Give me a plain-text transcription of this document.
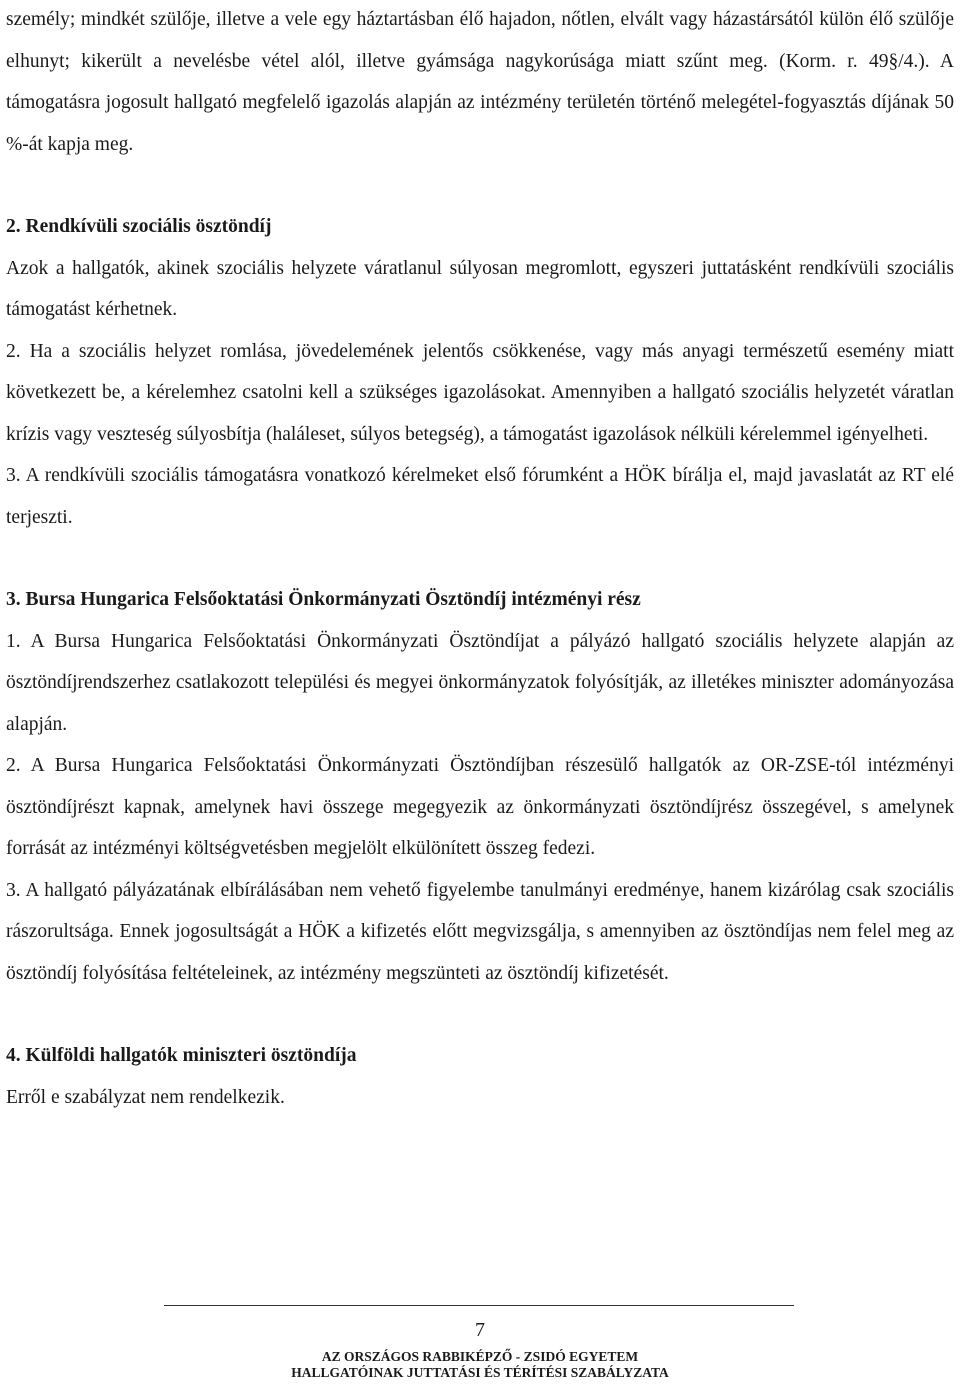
személy; mindkét szülője, illetve a vele egy háztartásban élő hajadon, nőtlen, elvált vagy házastársától külön élő szülője elhunyt; kikerült a nevelésbe vétel alól, illetve gyámsága nagykorúsága miatt szűnt meg. (Korm. r. 49§/4.). A támogatásra jogosult hallgató megfelelő igazolás alapján az intézmény területén történő melegétel-fogyasztás díjának 50 %-át kapja meg.

2. Rendkívüli szociális ösztöndíj

Azok a hallgatók, akinek szociális helyzete váratlanul súlyosan megromlott, egyszeri juttatásként rendkívüli szociális támogatást kérhetnek.

2. Ha a szociális helyzet romlása, jövedelemének jelentős csökkenése, vagy más anyagi természetű esemény miatt következett be, a kérelemhez csatolni kell a szükséges igazolásokat. Amennyiben a hallgató szociális helyzetét váratlan krízis vagy veszteség súlyosbítja (haláleset, súlyos betegség), a támogatást igazolások nélküli kérelemmel igényelheti.

3. A rendkívüli szociális támogatásra vonatkozó kérelmeket első fórumként a HÖK bírálja el, majd javaslatát az RT elé terjeszti.

3. Bursa Hungarica Felsőoktatási Önkormányzati Ösztöndíj intézményi rész

1. A Bursa Hungarica Felsőoktatási Önkormányzati Ösztöndíjat a pályázó hallgató szociális helyzete alapján az ösztöndíjrendszerhez csatlakozott települési és megyei önkormányzatok folyósítják, az illetékes miniszter adományozása alapján.

2. A Bursa Hungarica Felsőoktatási Önkormányzati Ösztöndíjban részesülő hallgatók az OR-ZSE-tól intézményi ösztöndíjrészt kapnak, amelynek havi összege megegyezik az önkormányzati ösztöndíjrész összegével, s amelynek forrását az intézményi költségvetésben megjelölt elkülönített összeg fedezi.

3. A hallgató pályázatának elbírálásában nem vehető figyelembe tanulmányi eredménye, hanem kizárólag csak szociális rászorultsága. Ennek jogosultságát a HÖK a kifizetés előtt megvizsgálja, s amennyiben az ösztöndíjas nem felel meg az ösztöndíj folyósítása feltételeinek, az intézmény megszünteti az ösztöndíj kifizetését.

4. Külföldi hallgatók miniszteri ösztöndíja

Erről e szabályzat nem rendelkezik.

7
AZ ORSZÁGOS RABBIKÉPZŐ - ZSIDÓ EGYETEM
HALLGATÓINAK JUTTATÁSI ÉS TÉRÍTÉSI SZABÁLYZATA
